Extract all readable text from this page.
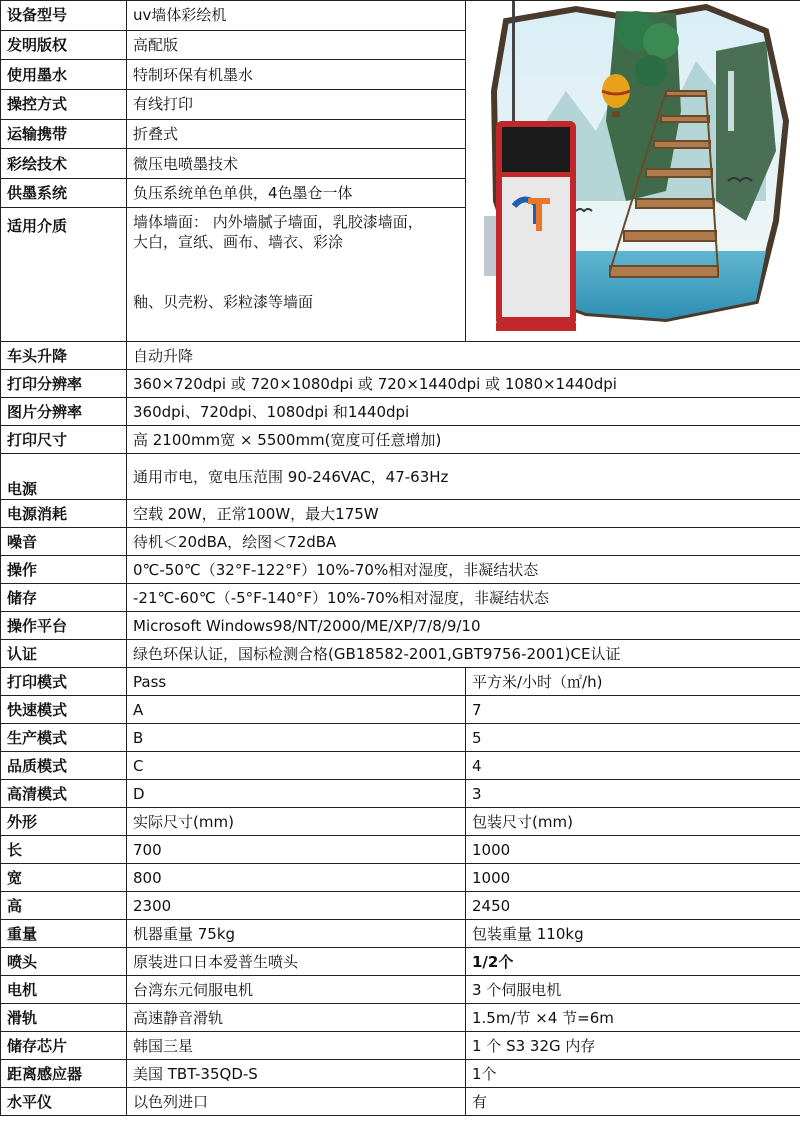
设备型号	uv墙体彩绘机	

发明版权	高配版	
使用墨水	特制环保有机墨水	
操控方式	有线打印	
运输携带	折叠式	
彩绘技术	微压电喷墨技术	
供墨系统	负压系统单色单供，4色墨仓一体	
适用介质	墙体墙面： 内外墙腻子墙面，乳胶漆墙面，
大白，宣纸、画布、墙衣、彩涂

釉、贝壳粉、彩粒漆等墙面	
车头升降	自动升降	
打印分辨率	360×720dpi 或 720×1080dpi 或 720×1440dpi 或 1080×1440dpi	
图片分辨率	360dpi、720dpi、1080dpi 和1440dpi	
打印尺寸	高 2100mm宽 × 5500mm(宽度可任意增加)	
电源	通用市电，宽电压范围 90-246VAC，47-63Hz	

电源消耗	空载 20W，正常100W，最大175W	
噪音	待机＜20dBA，绘图＜72dBA	
操作	0℃-50℃（32°F-122°F）10%-70%相对湿度，非凝结状态	
储存	-21℃-60℃（-5°F-140°F）10%-70%相对湿度，非凝结状态	
操作平台	Microsoft Windows98/NT/2000/ME/XP/7/8/9/10	
认证	绿色环保认证，国标检测合格(GB18582-2001,GBT9756-2001)CE认证	
打印模式	Pass	平方米/小时（㎡/h)
快速模式	A	7
生产模式	B	5
品质模式	C	4
高清模式	D	3
外形	实际尺寸(mm)	包装尺寸(mm)
长	700	1000
宽	800	1000
高	2300	2450
重量	机器重量 75kg	包装重量 110kg
喷头	原装进口日本爱普生喷头	1/2个
电机	台湾东元伺服电机	3 个伺服电机
滑轨	高速静音滑轨	1.5m/节 ×4 节=6m
储存芯片	韩国三星	1 个 S3 32G 内存
距离感应器	美国 TBT-35QD-S	1个
水平仪	以色列进口	有
